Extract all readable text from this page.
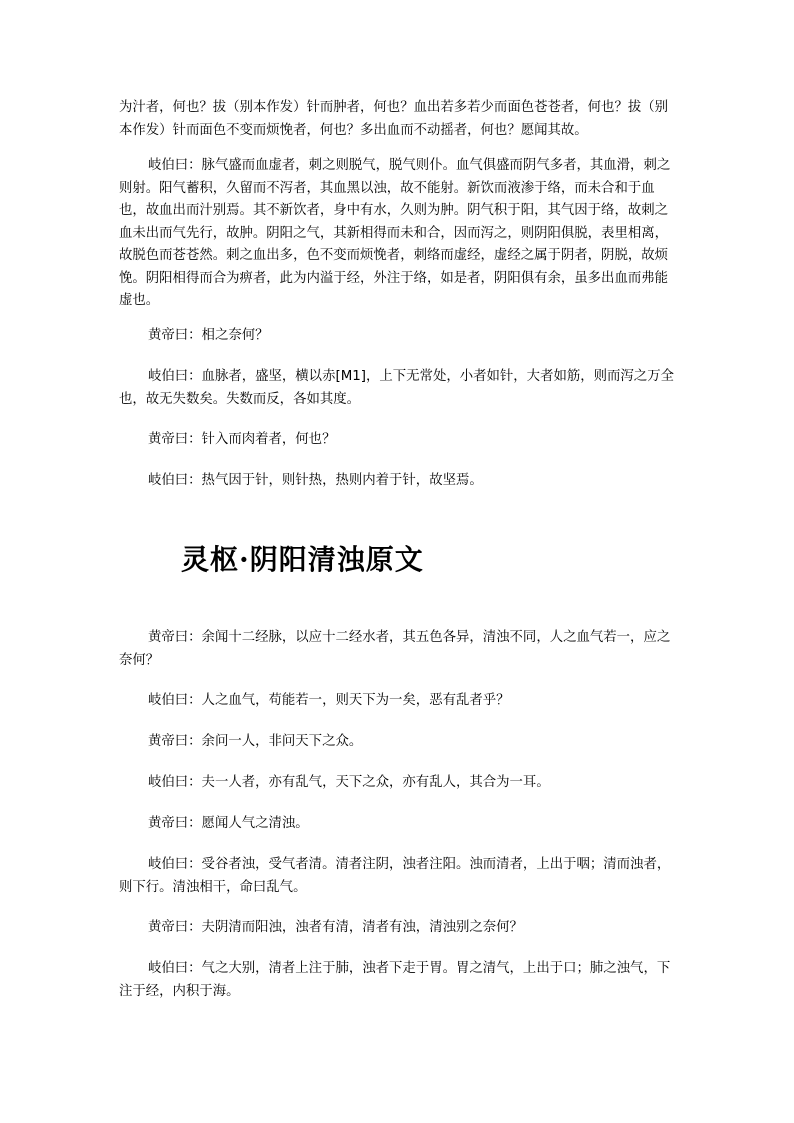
为汁者，何也？拔（别本作发）针而肿者，何也？血出若多若少而面色苍苍者，何也？拔（别本作发）针而面色不变而烦悗者，何也？多出血而不动摇者，何也？愿闻其故。

岐伯曰：脉气盛而血虚者，刺之则脱气，脱气则仆。血气俱盛而阴气多者，其血滑，刺之则射。阳气蓄积，久留而不泻者，其血黑以浊，故不能射。新饮而液渗于络，而未合和于血也，故血出而汁别焉。其不新饮者，身中有水，久则为肿。阴气积于阳，其气因于络，故刺之血未出而气先行，故肿。阴阳之气，其新相得而未和合，因而泻之，则阴阳俱脱，表里相离，故脱色而苍苍然。刺之血出多，色不变而烦悗者，刺络而虚经，虚经之属于阴者，阴脱，故烦悗。阴阳相得而合为痹者，此为内溢于经，外注于络，如是者，阴阳俱有余，虽多出血而弗能虚也。

黄帝曰：相之奈何？

岐伯曰：血脉者，盛坚，横以赤[M1]，上下无常处，小者如针，大者如筋，则而泻之万全也，故无失数矣。失数而反，各如其度。

黄帝曰：针入而肉着者，何也？

岐伯曰：热气因于针，则针热，热则内着于针，故坚焉。

灵枢·阴阳清浊原文

黄帝曰：余闻十二经脉，以应十二经水者，其五色各异，清浊不同，人之血气若一，应之奈何？

岐伯曰：人之血气，苟能若一，则天下为一矣，恶有乱者乎？

黄帝曰：余问一人，非问天下之众。

岐伯曰：夫一人者，亦有乱气，天下之众，亦有乱人，其合为一耳。

黄帝曰：愿闻人气之清浊。

岐伯曰：受谷者浊，受气者清。清者注阴，浊者注阳。浊而清者，上出于咽；清而浊者，则下行。清浊相干，命曰乱气。

黄帝曰：夫阴清而阳浊，浊者有清，清者有浊，清浊别之奈何？

岐伯曰：气之大别，清者上注于肺，浊者下走于胃。胃之清气，上出于口；肺之浊气，下注于经，内积于海。
